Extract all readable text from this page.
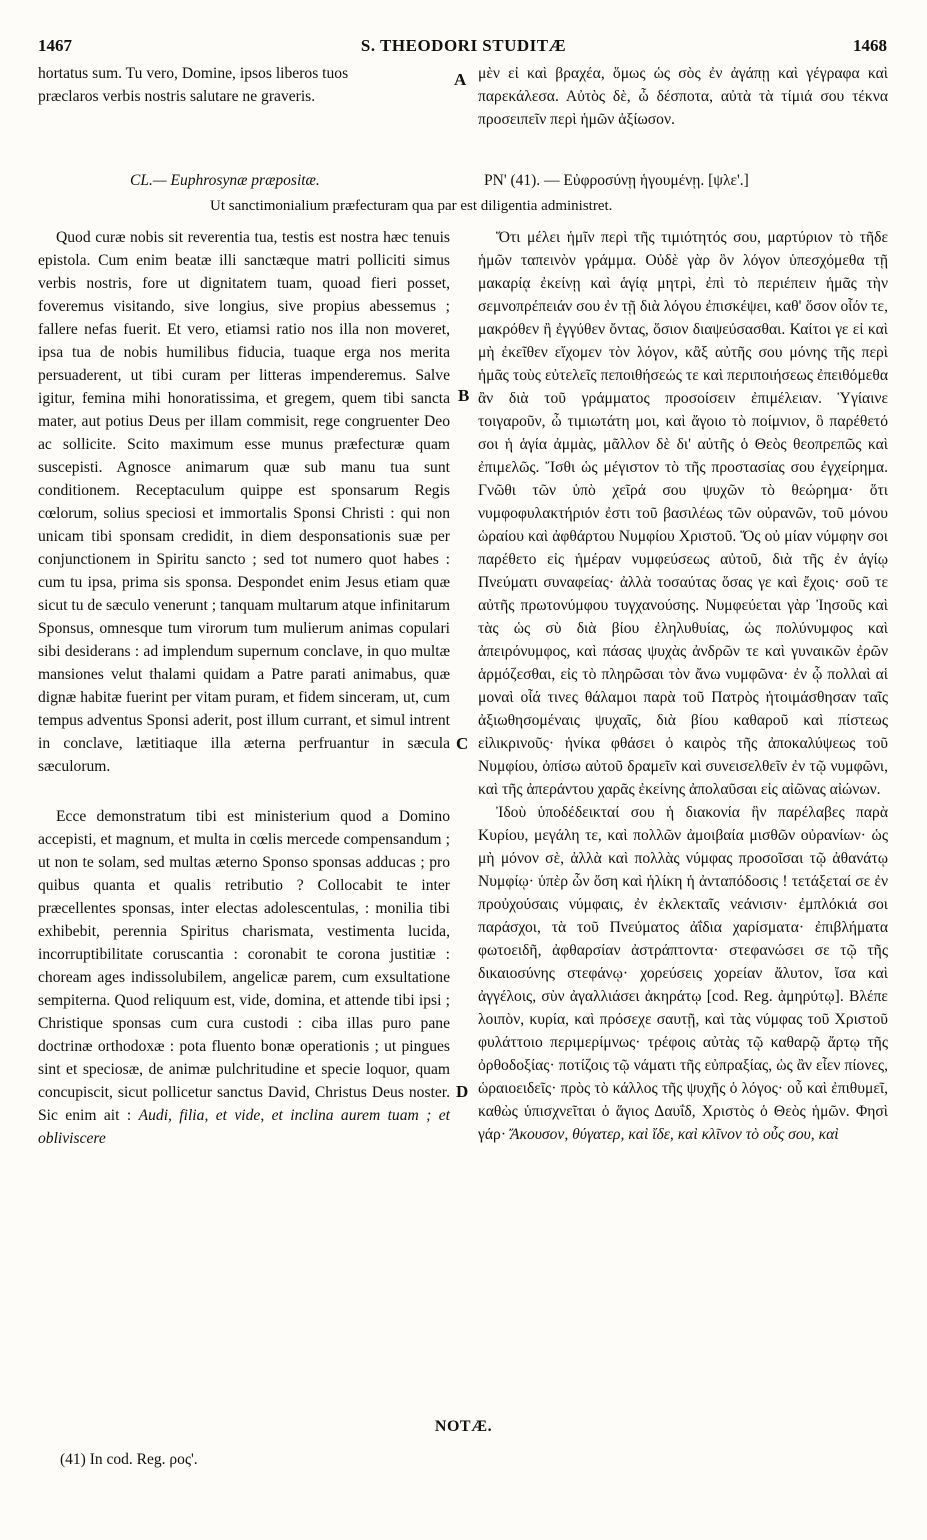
1467	S. THEODORI STUDITÆ	1468
hortatus sum. Tu vero, Domine, ipsos liberos tuos
præclaros verbis nostris salutare ne graveris.

μὲν εἰ καὶ βραχέα, ὅμως ὡς σὸς ἐν ἀγάπῃ καὶ γέγραφα καὶ παρεκάλεσα. Αὐτὸς δὲ, ὦ δέσποτα, αὐτὰ τὰ τίμιά σου τέκνα προσειπεῖν περὶ ἡμῶν ἀξίωσον.

CL.— Euphrosynæ præpositæ.	ΡΝ' (41). — Εὐφροσύνῃ ἡγουμένῃ. [ψλε'.]
Ut sanctimonialium præfecturam qua par est diligentia administret.

Quod curæ nobis sit reverentia tua, testis est nostra hæc tenuis epistola. Cum enim beatæ illi sanctæque matri polliciti simus verbis nostris, fore ut dignitatem tuam, quoad fieri posset, foveremus visitando, sive longius, sive propius abessemus ; fallere nefas fuerit. Et vero, etiamsi ratio nos illa non moveret, ipsa tua de nobis humilibus fiducia, tuaque erga nos merita persuaderent, ut tibi curam per litteras impenderemus. Salve igitur, femina mihi honoratissima, et gregem, quem tibi sancta mater, aut potius Deus per illam commisit, rege congruenter Deo ac sollicite. Scito maximum esse munus præfecturæ quam suscepisti. Agnosce animarum quæ sub manu tua sunt conditionem. Receptaculum quippe est sponsarum Regis cœlorum, solius speciosi et immortalis Sponsi Christi : qui non unicam tibi sponsam credidit, in diem desponsationis suæ per conjunctionem in Spiritu sancto ; sed tot numero quot habes : cum tu ipsa, prima sis sponsa. Despondet enim Jesus etiam quæ sicut tu de sæculo venerunt ; tanquam multarum atque infinitarum Sponsus, omnesque tum virorum tum mulierum animas copulari sibi desiderans : ad implendum supernum conclave, in quo multæ mansiones velut thalami quidam a Patre parati animabus, quæ dignæ habitæ fuerint per vitam puram, et fidem sinceram, ut, cum tempus adventus Sponsi aderit, post illum currant, et simul intrent in conclave, lætitiaque illa æterna perfruantur in sæcula sæculorum.

Ecce demonstratum tibi est ministerium quod a Domino accepisti, et magnum, et multa in cœlis mercede compensandum ; ut non te solam, sed multas æterno Sponso sponsas adducas ; pro quibus quanta et qualis retributio ? Collocabit te inter præcellentes sponsas, inter electas adolescentulas, : monilia tibi exhibebit, perennia Spiritus charismata, vestimenta lucida, incorruptibilitate coruscantia : coronabit te corona justitiæ : choream ages indissolubilem, angelicæ parem, cum exsultatione sempiterna. Quod reliquum est, vide, domina, et attende tibi ipsi ; Christique sponsas cum cura custodi : ciba illas puro pane doctrinæ orthodoxæ : pota fluento bonæ operationis ; ut pingues sint et speciosæ, de animæ pulchritudine et specie loquor, quam concupiscit, sicut pollicetur sanctus David, Christus Deus noster. Sic enim ait : Audi, filia, et vide, et inclina aurem tuam ; et obliviscere

Ὅτι μέλει ἡμῖν περὶ τῆς τιμιότητός σου, μαρτύριον τὸ τῆδε ἡμῶν ταπεινὸν γράμμα. Οὐδὲ γὰρ ὃν λόγον ὑπεσχόμεθα τῇ μακαρίᾳ ἐκείνῃ καὶ ἁγίᾳ μητρὶ, ἐπὶ τὸ περιέπειν ἡμᾶς τὴν σεμνοπρέπειάν σου ἐν τῇ διὰ λόγου ἐπισκέψει, καθ' ὅσον οἷόν τε, μακρόθεν ἢ ἐγγύθεν ὄντας, ὅσιον διαψεύσασθαι. Καίτοι γε εἰ καὶ μὴ ἐκεῖθεν εἴχομεν τὸν λόγον, κἂξ αὐτῆς σου μόνης τῆς περὶ ἡμᾶς τοὺς εὐτελεῖς πεποιθήσεώς τε καὶ περιποιήσεως ἐπειθόμεθα ἂν διὰ τοῦ γράμματος προσοίσειν ἐπιμέλειαν. Ὑγίαινε τοιγαροῦν, ὦ τιμιωτάτη μοι, καὶ ἄγοιο τὸ ποίμνιον, ὃ παρέθετό σοι ἡ ἁγία ἀμμὰς, μᾶλλον δὲ δι' αὐτῆς ὁ Θεὸς θεοπρεπῶς καὶ ἐπιμελῶς. Ἴσθι ὡς μέγιστον τὸ τῆς προστασίας σου ἐγχείρημα. Γνῶθι τῶν ὑπὸ χεῖρά σου ψυχῶν τὸ θεώρημα· ὅτι νυμφοφυλακτήριόν ἐστι τοῦ βασιλέως τῶν οὐρανῶν, τοῦ μόνου ὡραίου καὶ ἀφθάρτου Νυμφίου Χριστοῦ. Ὅς οὐ μίαν νύμφην σοι παρέθετο εἰς ἡμέραν νυμφεύσεως αὐτοῦ, διὰ τῆς ἐν ἁγίῳ Πνεύματι συναφείας· ἀλλὰ τοσαύτας ὅσας γε καὶ ἔχοις· σοῦ τε αὐτῆς πρωτονύμφου τυγχανούσης. Νυμφεύεται γὰρ Ἰησοῦς καὶ τὰς ὡς σὺ διὰ βίου ἐληλυθυίας, ὡς πολύνυμφος καὶ ἀπειρόνυμφος, καὶ πάσας ψυχὰς ἀνδρῶν τε καὶ γυναικῶν ἐρῶν ἁρμόζεσθαι, εἰς τὸ πληρῶσαι τὸν ἄνω νυμφῶνα· ἐν ᾧ πολλαὶ αἱ μοναὶ οἷά τινες θάλαμοι παρὰ τοῦ Πατρὸς ἡτοιμάσθησαν ταῖς ἀξιωθησομέναις ψυχαῖς, διὰ βίου καθαροῦ καὶ πίστεως εἰλικρινοῦς· ἡνίκα φθάσει ὁ καιρὸς τῆς ἀποκαλύψεως τοῦ Νυμφίου, ὀπίσω αὐτοῦ δραμεῖν καὶ συνεισελθεῖν ἐν τῷ νυμφῶνι, καὶ τῆς ἀπεράντου χαρᾶς ἐκείνης ἀπολαῦσαι εἰς αἰῶνας αἰώνων.

Ἰδοὺ ὑποδέδεικταί σου ἡ διακονία ἣν παρέλαβες παρὰ Κυρίου, μεγάλη τε, καὶ πολλῶν ἀμοιβαία μισθῶν οὐρανίων· ὡς μὴ μόνον σὲ, ἀλλὰ καὶ πολλὰς νύμφας προσοῖσαι τῷ ἀθανάτῳ Νυμφίῳ· ὑπὲρ ὧν ὅση καὶ ἡλίκη ἡ ἀνταπόδοσις ! τετάξεταί σε ἐν προὐχούσαις νύμφαις, ἐν ἐκλεκταῖς νεάνισιν· ἐμπλόκιά σοι παράσχοι, τὰ τοῦ Πνεύματος ἀΐδια χαρίσματα· ἐπιβλήματα φωτοειδῆ, ἀφθαρσίαν ἀστράπτοντα· στεφανώσει σε τῷ τῆς δικαιοσύνης στεφάνῳ· χορεύσεις χορείαν ἄλυτον, ἴσα καὶ ἀγγέλοις, σὺν ἀγαλλιάσει ἀκηράτῳ [cod. Reg. ἀμηρύτῳ]. Βλέπε λοιπὸν, κυρία, καὶ πρόσεχε σαυτῇ, καὶ τὰς νύμφας τοῦ Χριστοῦ φυλάττοιο περιμερίμνως· τρέφοις αὐτὰς τῷ καθαρῷ ἄρτῳ τῆς ὀρθοδοξίας· ποτίζοις τῷ νάματι τῆς εὐπραξίας, ὡς ἂν εἶεν πίονες, ὡραιοειδεῖς· πρὸς τὸ κάλλος τῆς ψυχῆς ὁ λόγος· οὗ καὶ ἐπιθυμεῖ, καθὼς ὑπισχνεῖται ὁ ἅγιος Δαυΐδ, Χριστὸς ὁ Θεὸς ἡμῶν. Φησὶ γάρ· Ἄκουσον, θύγατερ, καὶ ἴδε, καὶ κλῖνον τὸ οὖς σου, καὶ

A
B
C
D
NOTÆ.
(41) In cod. Reg. ρος'.
